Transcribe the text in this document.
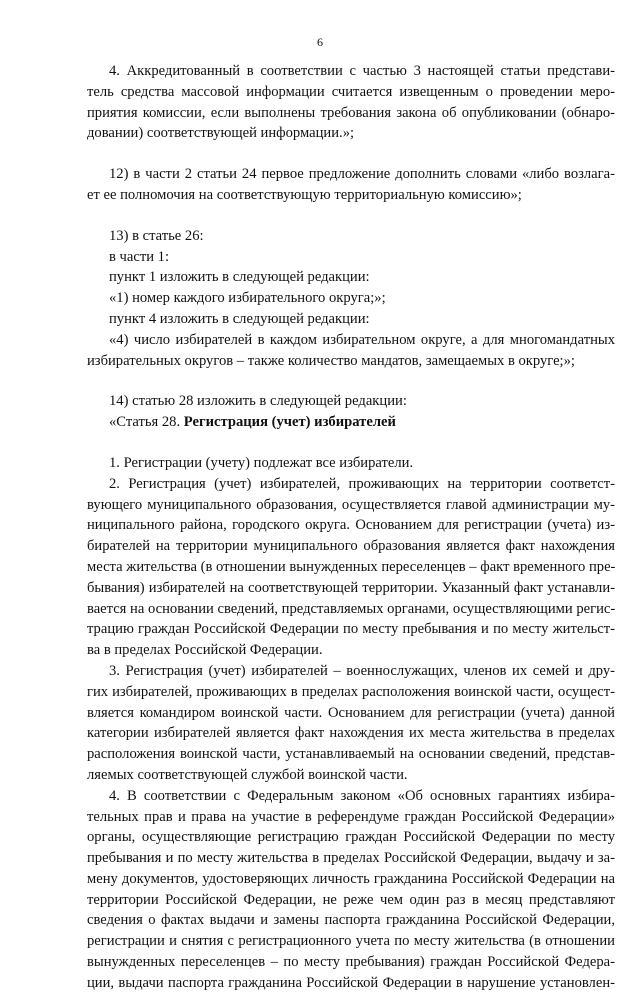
6

4. Аккредитованный в соответствии с частью 3 настоящей статьи представи-
тель средства массовой информации считается извещенным о проведении меро-
приятия комиссии, если выполнены требования закона об опубликовании (обнаро-
довании) соответствующей информации.»;

12) в части 2 статьи 24 первое предложение дополнить словами «либо возлага-
ет ее полномочия на соответствующую территориальную комиссию»;

13) в статье 26:
в части 1:
пункт 1 изложить в следующей редакции:
«1) номер каждого избирательного округа;»;
пункт 4 изложить в следующей редакции:
«4) число избирателей в каждом избирательном округе, а для многомандатных
избирательных округов – также количество мандатов, замещаемых в округе;»;

14) статью 28 изложить в следующей редакции:
«Статья 28. Регистрация (учет) избирателей

1. Регистрации (учету) подлежат все избиратели.

2. Регистрация (учет) избирателей, проживающих на территории соответст-
вующего муниципального образования, осуществляется главой администрации му-
ниципального района, городского округа. Основанием для регистрации (учета) из-
бирателей на территории муниципального образования является факт нахождения
места жительства (в отношении вынужденных переселенцев – факт временного пре-
бывания) избирателей на соответствующей территории. Указанный факт устанавли-
вается на основании сведений, представляемых органами, осуществляющими регис-
трацию граждан Российской Федерации по месту пребывания и по месту жительст-
ва в пределах Российской Федерации.

3. Регистрация (учет) избирателей – военнослужащих, членов их семей и дру-
гих избирателей, проживающих в пределах расположения воинской части, осущест-
вляется командиром воинской части. Основанием для регистрации (учета) данной
категории избирателей является факт нахождения их места жительства в пределах
расположения воинской части, устанавливаемый на основании сведений, представ-
ляемых соответствующей службой воинской части.

4. В соответствии с Федеральным законом «Об основных гарантиях избира-
тельных прав и права на участие в референдуме граждан Российской Федерации»
органы, осуществляющие регистрацию граждан Российской Федерации по месту
пребывания и по месту жительства в пределах Российской Федерации, выдачу и за-
мену документов, удостоверяющих личность гражданина Российской Федерации на
территории Российской Федерации, не реже чем один раз в месяц представляют
сведения о фактах выдачи и замены паспорта гражданина Российской Федерации,
регистрации и снятия с регистрационного учета по месту жительства (в отношении
вынужденных переселенцев – по месту пребывания) граждан Российской Федера-
ции, выдачи паспорта гражданина Российской Федерации в нарушение установлен-
